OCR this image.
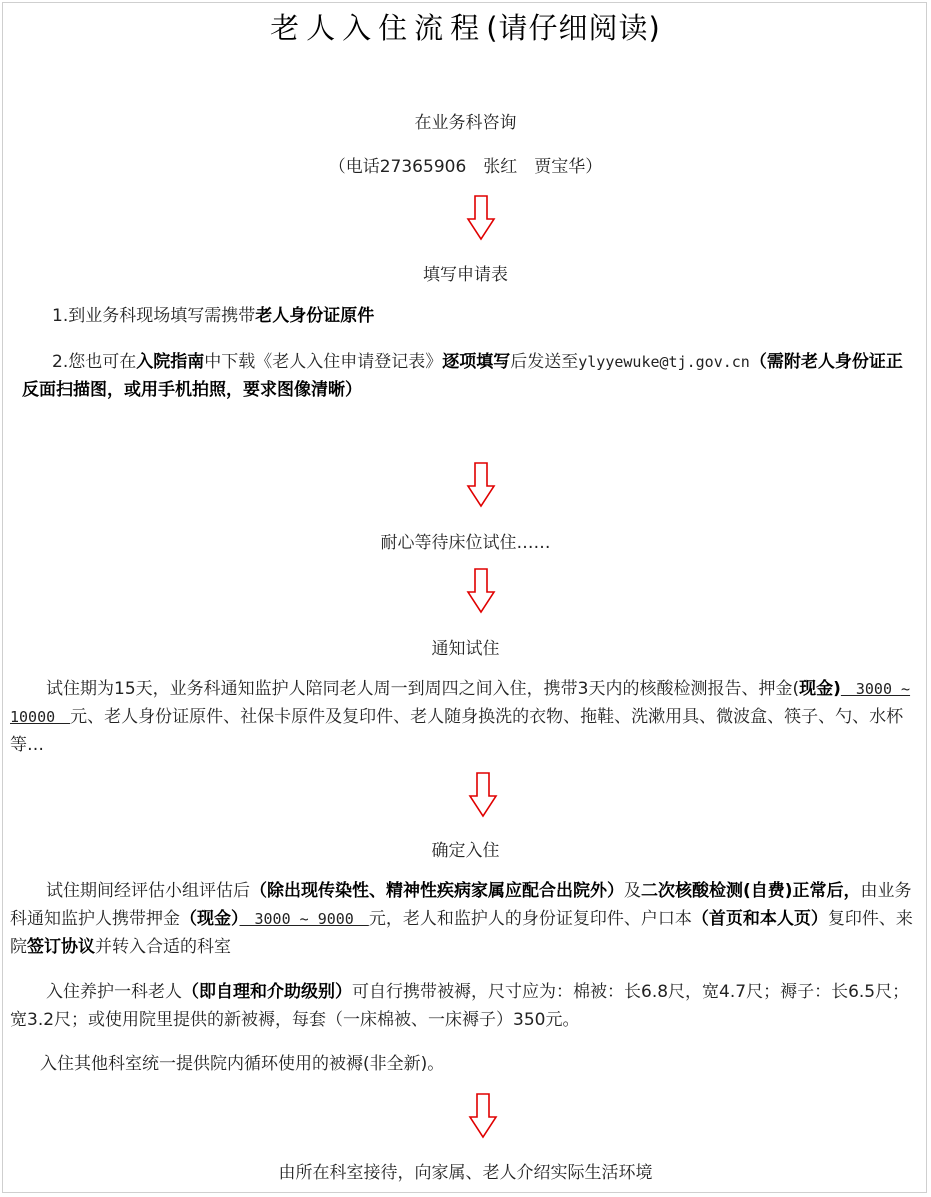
老人入住流程(请仔细阅读)
在业务科咨询
（电话27365906　张红　贾宝华）
填写申请表
1.到业务科现场填写需携带老人身份证原件
2.您也可在入院指南中下载《老人入住申请登记表》逐项填写后发送至ylyyewuke@tj.gov.cn（需附老人身份证正反面扫描图，或用手机拍照，要求图像清晰）
耐心等待床位试住……
通知试住
试住期为15天，业务科通知监护人陪同老人周一到周四之间入住，携带3天内的核酸检测报告、押金(现金)　3000 ~ 10000　元、老人身份证原件、社保卡原件及复印件、老人随身换洗的衣物、拖鞋、洗漱用具、微波盒、筷子、勺、水杯等…
确定入住
试住期间经评估小组评估后（除出现传染性、精神性疾病家属应配合出院外）及二次核酸检测(自费)正常后，由业务科通知监护人携带押金（现金）　3000 ~ 9000　元，老人和监护人的身份证复印件、户口本（首页和本人页）复印件、来院签订协议并转入合适的科室
入住养护一科老人（即自理和介助级别）可自行携带被褥，尺寸应为：棉被：长6.8尺，宽4.7尺；褥子：长6.5尺；宽3.2尺；或使用院里提供的新被褥，每套（一床棉被、一床褥子）350元。
入住其他科室统一提供院内循环使用的被褥(非全新)。
由所在科室接待，向家属、老人介绍实际生活环境
